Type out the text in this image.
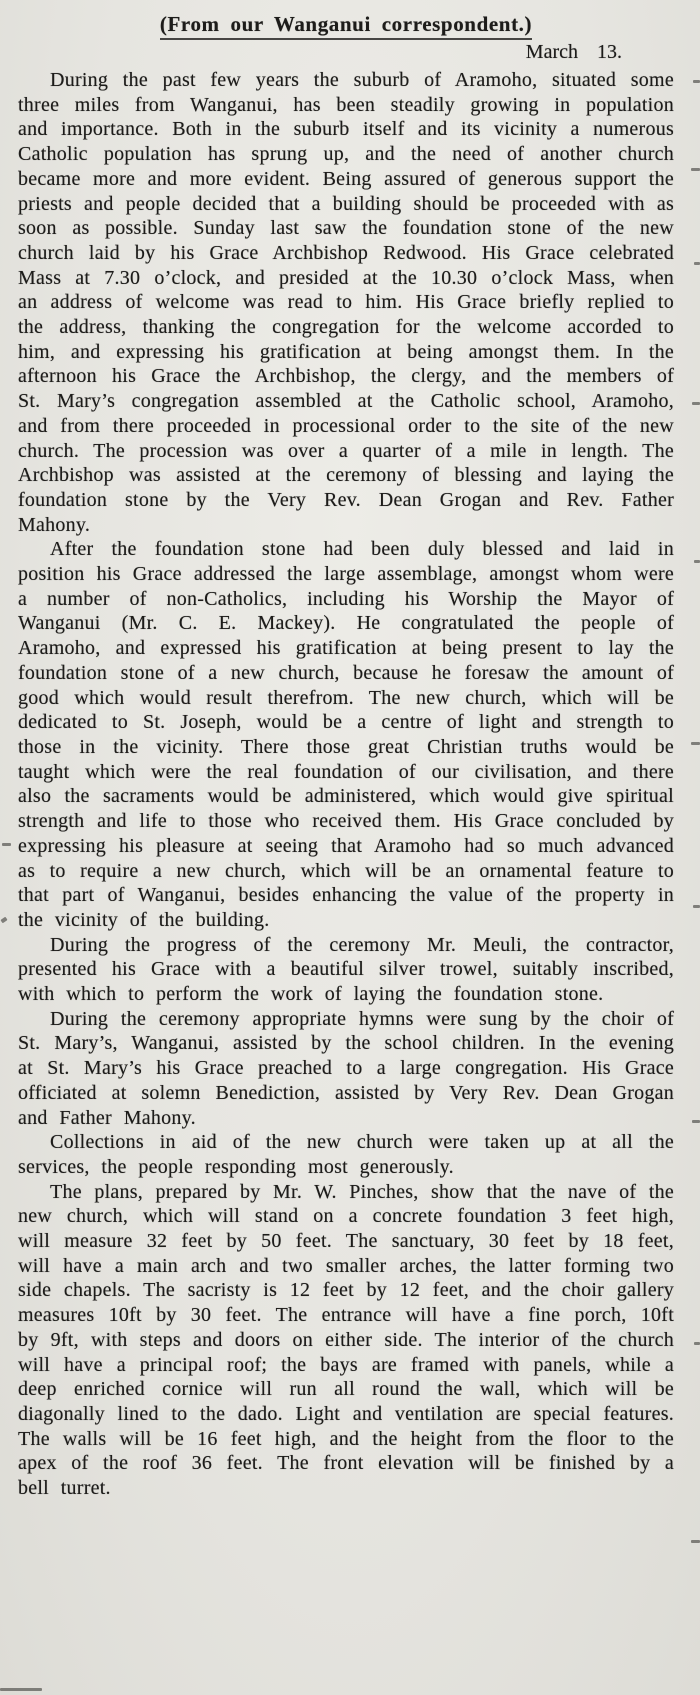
(From our Wanganui correspondent.)
March 13.

During the past few years the suburb of Aramoho, situated some three miles from Wanganui, has been steadily growing in population and importance. Both in the suburb itself and its vicinity a numerous Catholic population has sprung up, and the need of another church became more and more evident. Being assured of generous support the priests and people decided that a building should be proceeded with as soon as possible. Sunday last saw the foundation stone of the new church laid by his Grace Archbishop Redwood. His Grace celebrated Mass at 7.30 o’clock, and presided at the 10.30 o’clock Mass, when an address of welcome was read to him. His Grace briefly replied to the address, thanking the congregation for the welcome accorded to him, and expressing his gratification at being amongst them. In the afternoon his Grace the Archbishop, the clergy, and the members of St. Mary’s congregation assembled at the Catholic school, Aramoho, and from there proceeded in processional order to the site of the new church. The procession was over a quarter of a mile in length. The Archbishop was assisted at the ceremony of blessing and laying the foundation stone by the Very Rev. Dean Grogan and Rev. Father Mahony.

After the foundation stone had been duly blessed and laid in position his Grace addressed the large assemblage, amongst whom were a number of non-Catholics, including his Worship the Mayor of Wanganui (Mr. C. E. Mackey). He congratulated the people of Aramoho, and expressed his gratification at being present to lay the foundation stone of a new church, because he foresaw the amount of good which would result therefrom. The new church, which will be dedicated to St. Joseph, would be a centre of light and strength to those in the vicinity. There those great Christian truths would be taught which were the real foundation of our civilisation, and there also the sacraments would be administered, which would give spiritual strength and life to those who received them. His Grace concluded by expressing his pleasure at seeing that Aramoho had so much advanced as to require a new church, which will be an ornamental feature to that part of Wanganui, besides enhancing the value of the property in the vicinity of the building.

During the progress of the ceremony Mr. Meuli, the contractor, presented his Grace with a beautiful silver trowel, suitably inscribed, with which to perform the work of laying the foundation stone.

During the ceremony appropriate hymns were sung by the choir of St. Mary’s, Wanganui, assisted by the school children. In the evening at St. Mary’s his Grace preached to a large congregation. His Grace officiated at solemn Benediction, assisted by Very Rev. Dean Grogan and Father Mahony.

Collections in aid of the new church were taken up at all the services, the people responding most generously.

The plans, prepared by Mr. W. Pinches, show that the nave of the new church, which will stand on a concrete foundation 3 feet high, will measure 32 feet by 50 feet. The sanctuary, 30 feet by 18 feet, will have a main arch and two smaller arches, the latter forming two side chapels. The sacristy is 12 feet by 12 feet, and the choir gallery measures 10ft by 30 feet. The entrance will have a fine porch, 10ft by 9ft, with steps and doors on either side. The interior of the church will have a principal roof; the bays are framed with panels, while a deep enriched cornice will run all round the wall, which will be diagonally lined to the dado. Light and ventilation are special features. The walls will be 16 feet high, and the height from the floor to the apex of the roof 36 feet. The front elevation will be finished by a bell turret.
